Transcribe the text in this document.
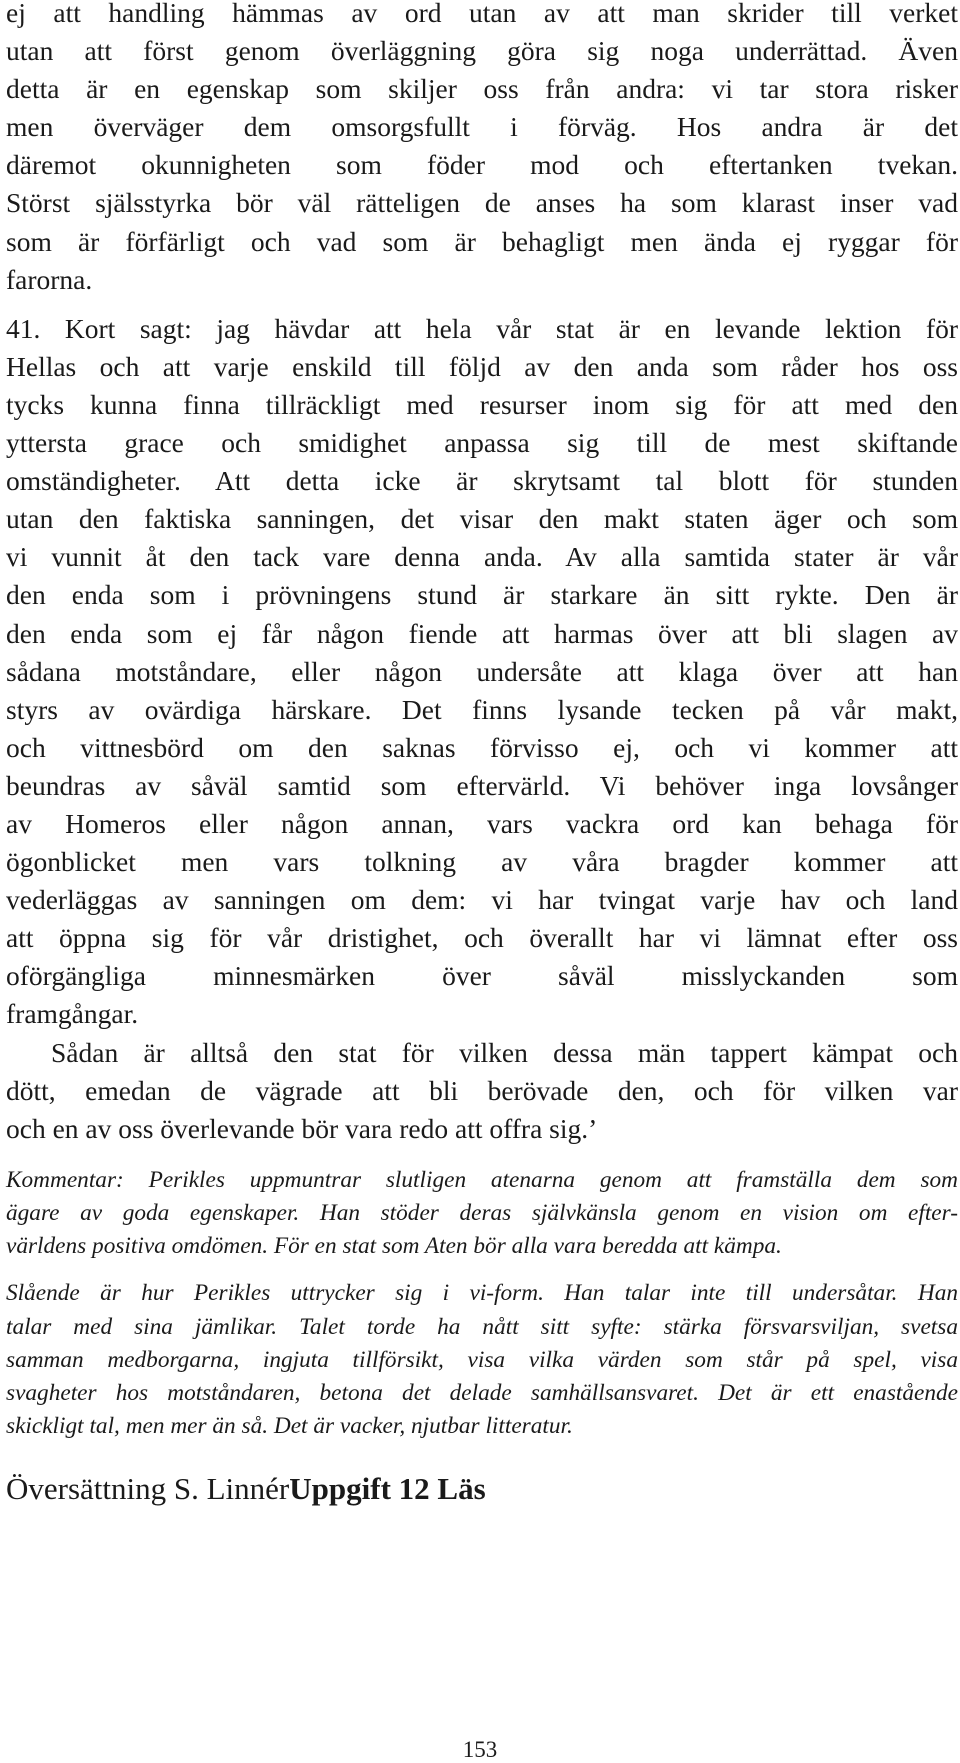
ej att handling hämmas av ord utan av att man skrider till verket
utan att först genom överläggning göra sig noga underrättad. Även
detta är en egenskap som skiljer oss från andra: vi tar stora risker
men överväger dem omsorgsfullt i förväg. Hos andra är det
däremot okunnigheten som föder mod och eftertanken tvekan.
Störst själsstyrka bör väl rätteligen de anses ha som klarast inser vad
som är förfärligt och vad som är behagligt men ända ej ryggar för
farorna.
41. Kort sagt: jag hävdar att hela vår stat är en levande lektion för
Hellas och att varje enskild till följd av den anda som råder hos oss
tycks kunna finna tillräckligt med resurser inom sig för att med den
yttersta grace och smidighet anpassa sig till de mest skiftande
omständigheter. Att detta icke är skrytsamt tal blott för stunden
utan den faktiska sanningen, det visar den makt staten äger och som
vi vunnit åt den tack vare denna anda. Av alla samtida stater är vår
den enda som i prövningens stund är starkare än sitt rykte. Den är
den enda som ej får någon fiende att harmas över att bli slagen av
sådana motståndare, eller någon undersåte att klaga över att han
styrs av ovärdiga härskare. Det finns lysande tecken på vår makt,
och vittnesbörd om den saknas förvisso ej, och vi kommer att
beundras av såväl samtid som eftervärld. Vi behöver inga lovsånger
av Homeros eller någon annan, vars vackra ord kan behaga för
ögonblicket men vars tolkning av våra bragder kommer att
vederläggas av sanningen om dem: vi har tvingat varje hav och land
att öppna sig för vår dristighet, och överallt har vi lämnat efter oss
oförgängliga minnesmärken över såväl misslyckanden som
framgångar.
Sådan är alltså den stat för vilken dessa män tappert kämpat och
dött, emedan de vägrade att bli berövade den, och för vilken var
och en av oss överlevande bör vara redo att offra sig.’
Kommentar: Perikles uppmuntrar slutligen atenarna genom att framställa dem som
ägare av goda egenskaper. Han stöder deras självkänsla genom en vision om efter-
världens positiva omdömen. För en stat som Aten bör alla vara beredda att kämpa.
Slående är hur Perikles uttrycker sig i vi-form. Han talar inte till undersåtar. Han
talar med sina jämlikar. Talet torde ha nått sitt syfte: stärka försvarsviljan, svetsa
samman medborgarna, ingjuta tillförsikt, visa vilka värden som står på spel, visa
svagheter hos motståndaren, betona det delade samhällsansvaret. Det är ett enastående
skickligt tal, men mer än så. Det är vacker, njutbar litteratur.
Översättning S. LinnérUppgift 12 Läs
153
